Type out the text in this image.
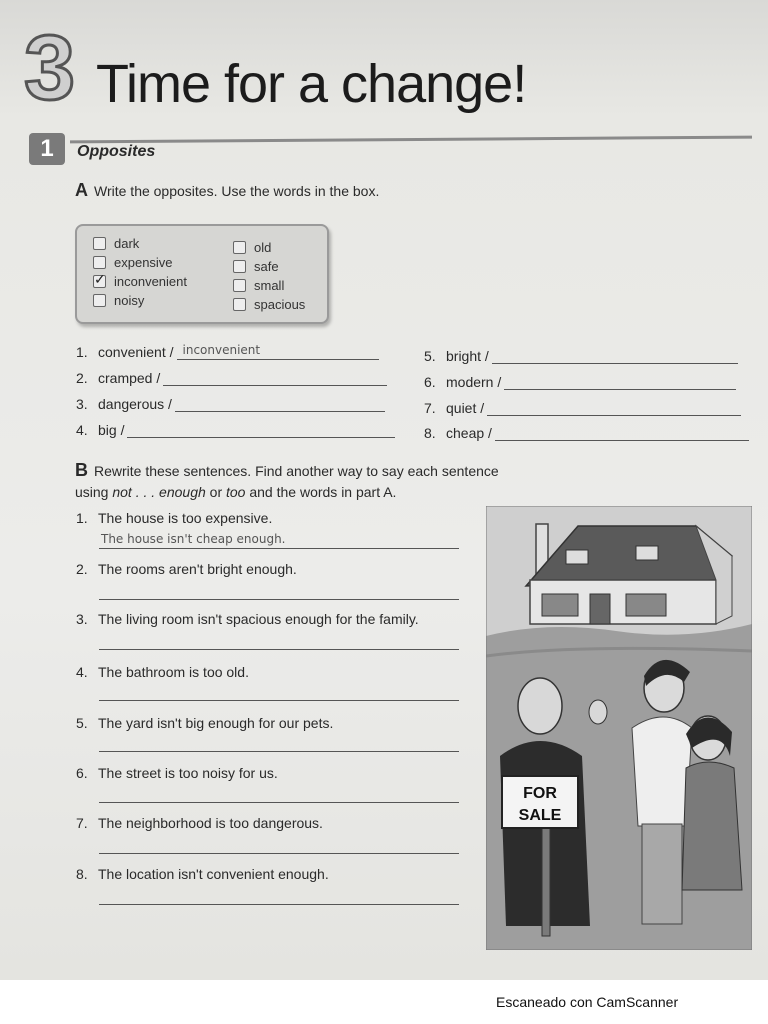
3 Time for a change!
1	Opposites
A Write the opposites. Use the words in the box.
dark
expensive
✓
inconvenient
noisy
old
safe
small
spacious
1. convenient / inconvenient
2. cramped /
3. dangerous /
4. big /
5. bright /
6. modern /
7. quiet /
8. cheap /
B Rewrite these sentences. Find another way to say each sentence
using not . . . enough or too and the words in part A.
1. The house is too expensive.
The house isn't cheap enough.
2. The rooms aren't bright enough.
3. The living room isn't spacious enough for the family.
4. The bathroom is too old.
5. The yard isn't big enough for our pets.
6. The street is too noisy for us.
7. The neighborhood is too dangerous.
8. The location isn't convenient enough.
FOR
SALE
Escaneado con CamScanner
